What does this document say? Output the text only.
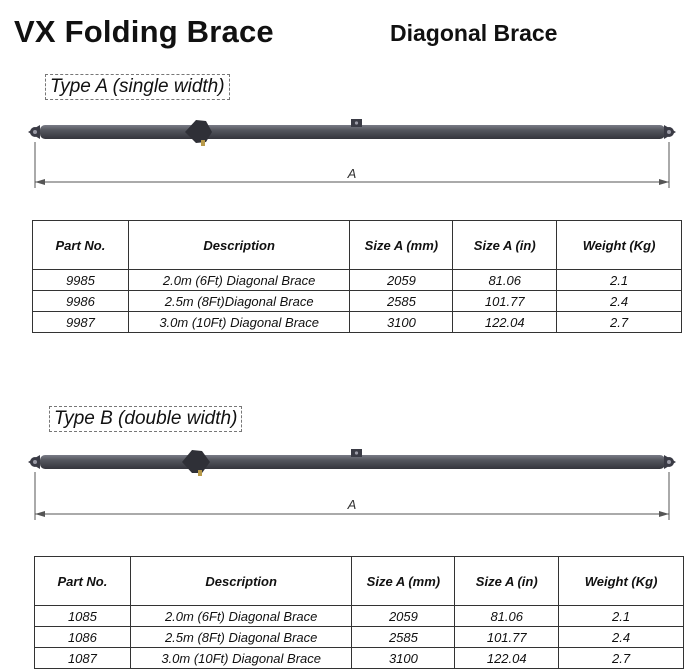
VX Folding Brace	Diagonal Brace
Type A (single width)
A
Part No.	Description	Size A (mm)	Size A (in)	Weight (Kg)
9985	2.0m (6Ft) Diagonal Brace	2059	81.06	2.1
9986	2.5m (8Ft)Diagonal Brace	2585	101.77	2.4
9987	3.0m (10Ft) Diagonal Brace	3100	122.04	2.7
Type B (double width)
A
Part No.	Description	Size A (mm)	Size A (in)	Weight (Kg)
1085	2.0m (6Ft) Diagonal Brace	2059	81.06	2.1
1086	2.5m (8Ft) Diagonal Brace	2585	101.77	2.4
1087	3.0m (10Ft) Diagonal Brace	3100	122.04	2.7
